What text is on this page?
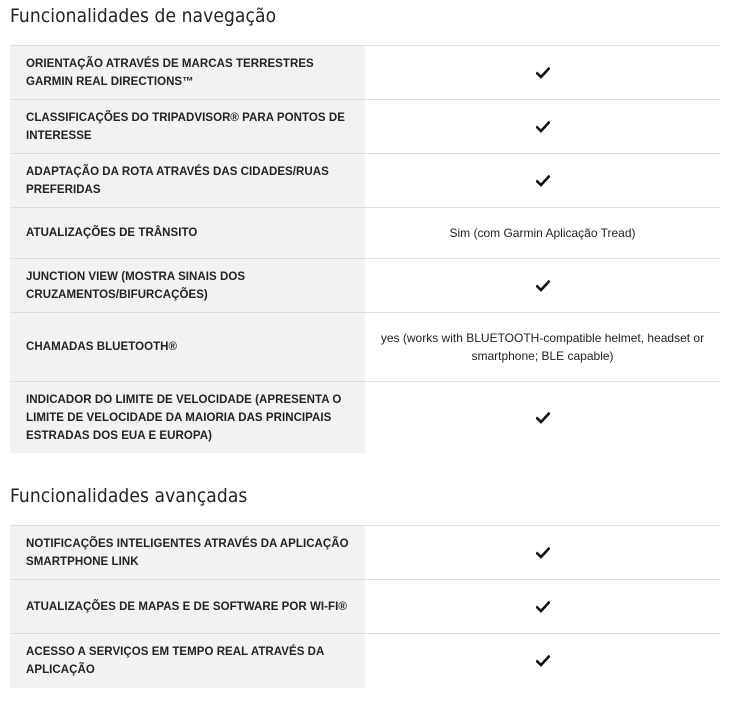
Funcionalidades de navegação
ORIENTAÇÃO ATRAVÉS DE MARCAS TERRESTRES GARMIN REAL DIRECTIONS™
CLASSIFICAÇÕES DO TRIPADVISOR® PARA PONTOS DE INTERESSE
ADAPTAÇÃO DA ROTA ATRAVÉS DAS CIDADES/RUAS PREFERIDAS
ATUALIZAÇÕES DE TRÂNSITO	Sim (com Garmin Aplicação Tread)
JUNCTION VIEW (MOSTRA SINAIS DOS CRUZAMENTOS/BIFURCAÇÕES)
CHAMADAS BLUETOOTH®
yes (works with BLUETOOTH-compatible helmet, headset or smartphone; BLE capable)
INDICADOR DO LIMITE DE VELOCIDADE (APRESENTA O LIMITE DE VELOCIDADE DA MAIORIA DAS PRINCIPAIS ESTRADAS DOS EUA E EUROPA)
Funcionalidades avançadas
NOTIFICAÇÕES INTELIGENTES ATRAVÉS DA APLICAÇÃO SMARTPHONE LINK
ATUALIZAÇÕES DE MAPAS E DE SOFTWARE POR WI-FI®
ACESSO A SERVIÇOS EM TEMPO REAL ATRAVÉS DA APLICAÇÃO
